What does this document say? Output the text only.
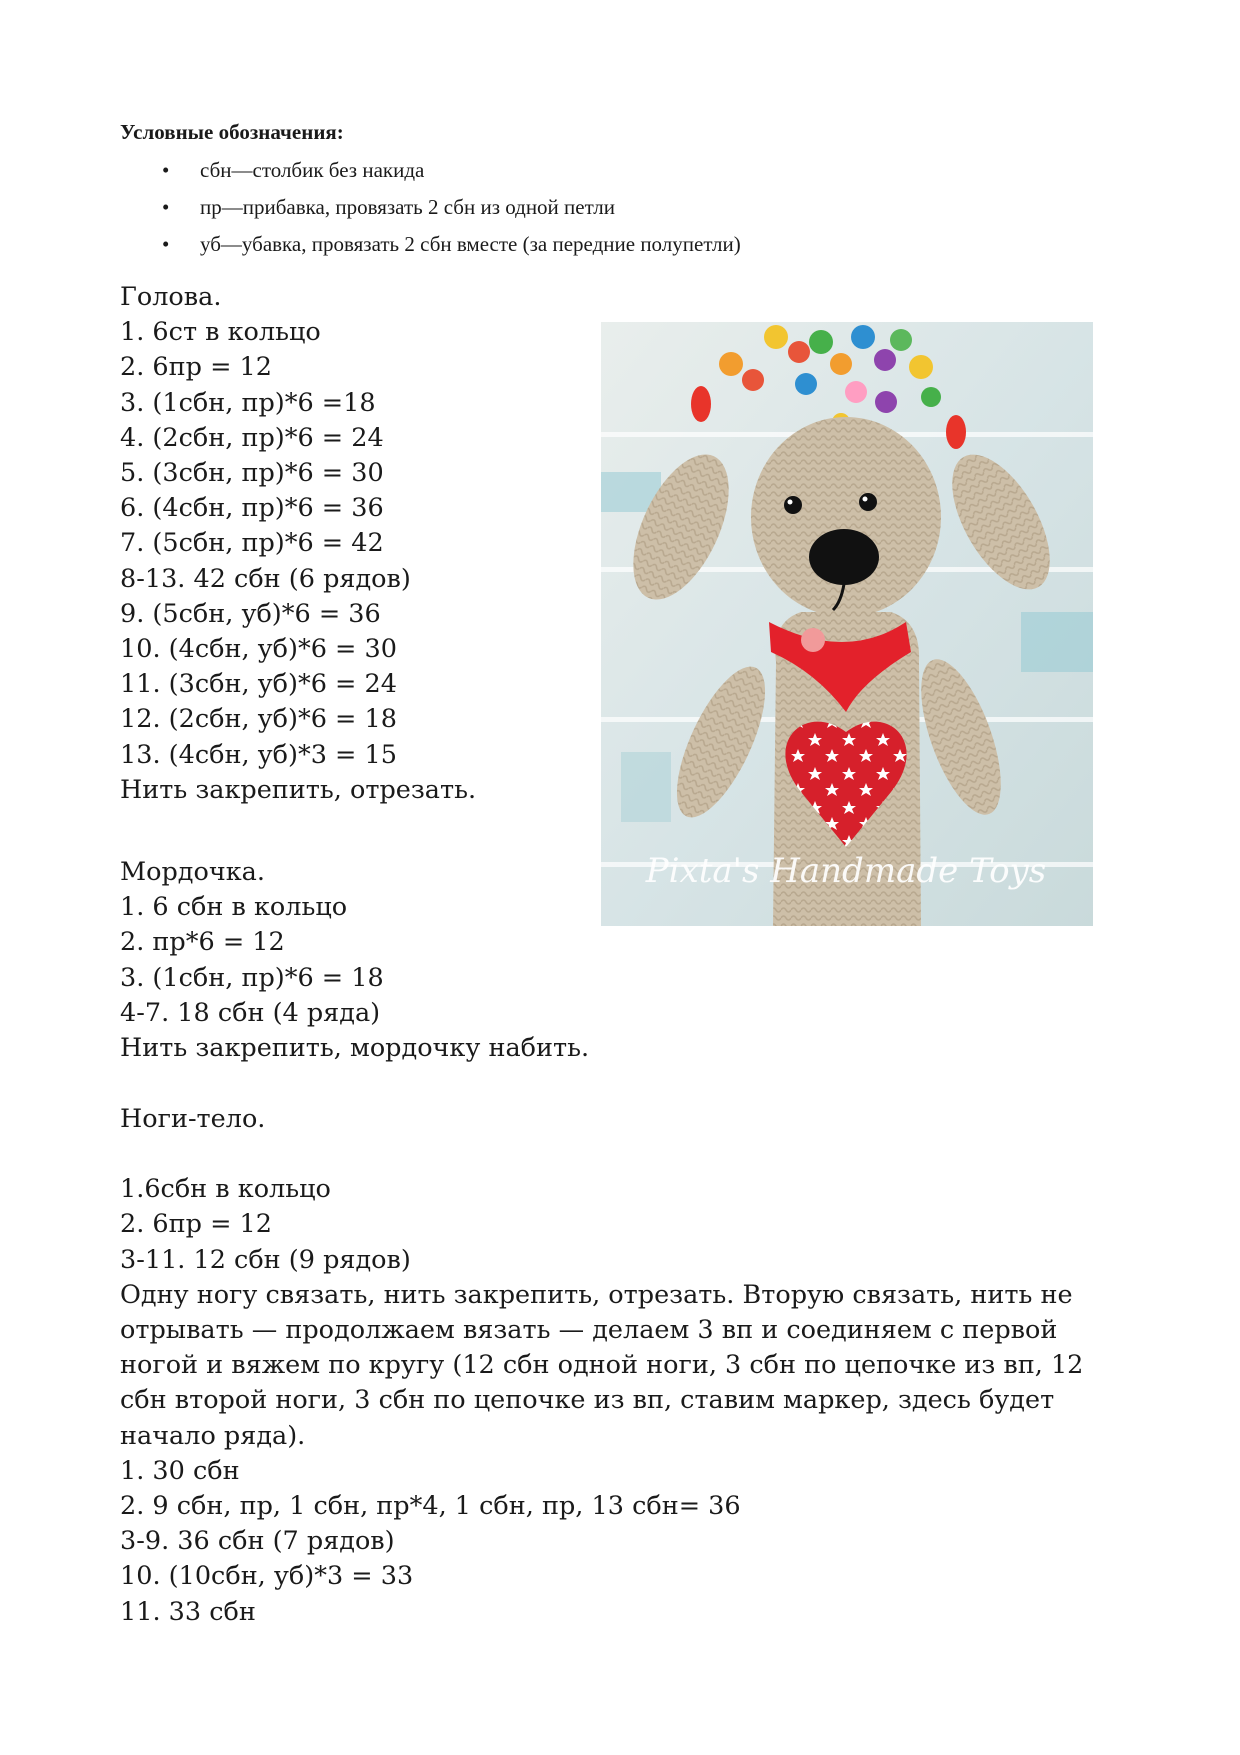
Условные обозначения:

• сбн—столбик без накида
• пр—прибавка, провязать 2 сбн из одной петли
• уб—убавка, провязать 2 сбн вместе (за передние полупетли)

Голова.

1. 6ст в кольцо
2. 6пр = 12
3. (1сбн, пр)*6 =18
4. (2сбн, пр)*6 = 24
5. (3сбн, пр)*6 = 30
6. (4сбн, пр)*6 = 36
7. (5сбн, пр)*6 = 42
8-13. 42 сбн (6 рядов)
9. (5сбн, уб)*6 = 36
10. (4сбн, уб)*6 = 30
11. (3сбн, уб)*6 = 24
12. (2сбн, уб)*6 = 18
13. (4сбн, уб)*3 = 15
Нить закрепить, отрезать.
Pixta's Handmade Toys

Мордочка.

1. 6 сбн в кольцо
2. пр*6 = 12
3. (1сбн, пр)*6 = 18
4-7. 18 сбн (4 ряда)
Нить закрепить, мордочку набить.

Ноги-тело.

1.6сбн в кольцо
2. 6пр = 12
3-11. 12 сбн (9 рядов)
Одну ногу связать, нить закрепить, отрезать. Вторую связать, нить не отрывать — продолжаем вязать — делаем 3 вп и соединяем с первой ногой и вяжем по кругу (12 сбн одной ноги, 3 сбн по цепочке из вп, 12 сбн второй ноги, 3 сбн по цепочке из вп, ставим маркер, здесь будет начало ряда).
1. 30 сбн
2. 9 сбн, пр, 1 сбн, пр*4, 1 сбн, пр, 13 сбн= 36
3-9. 36 сбн (7 рядов)
10. (10сбн, уб)*3 = 33
11. 33 сбн
